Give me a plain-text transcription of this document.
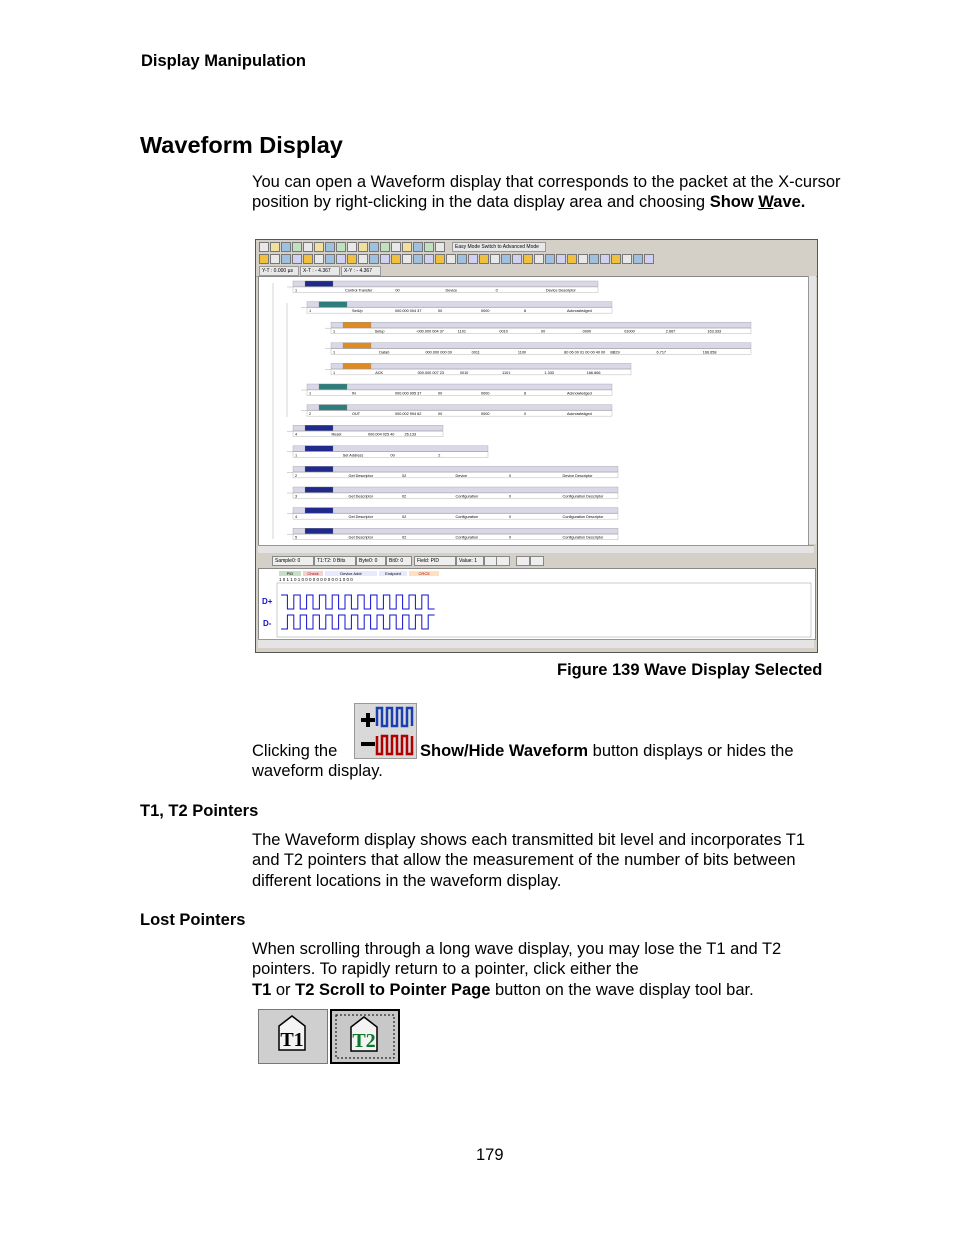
Display Manipulation
Waveform Display
You can open a Waveform display that corresponds to the packet at the X-cursor position by right-clicking in the data display area and choosing Show Wave.
Easy Mode Switch to Advanced Mode
Y-T : 0.000 µs	X-T : - 4.367	X-Y : - 4.367
1	Control Transfer	00	Device	0	Device Descriptor
1	SetUp	000.000 004 37	00	0000	8	Acknowledged
1	Setup	-000.000 004 37	1101	0010	00	0000	01000	2.667	163.333
1	Data0	000.000 000 00	0011	1100	80 06 00 01 00 00 40 00 BB29	6.717	166.658
1	ACK	000.000 007 23	0010	1101	1.333	166.666
1	IN	000.000 995 37	00	0000	8	Acknowledged
2	OUT	000.002 994 62	00	0000	0	Acknowledged
4	Reset	000.004 025 40	26.133
1	Set Address	00	2
2	Get Descriptor	02	Device	0	Device Descriptor
3	Get Descriptor	02	Configuration	0	Configuration Descriptor
4	Get Descriptor	02	Configuration	0	Configuration Descriptor
5	Get Descriptor	02	Configuration	0	Configuration Descriptor
Sample0: 0	T1:T2: 0 Bits	Byte0: 0	Bit0: 0	Field: PID	Value: 1
PID	Check	Device Addr	Endpoint	CRC5
1 0 1 1 0 1 0 0 0 0 0 0 0 0 0 0 1 0 0 0
D+
D-
Figure 139 Wave Display Selected
Clicking the	Show/Hide Waveform button displays or hides the
waveform display.
T1, T2 Pointers
The Waveform display shows each transmitted bit level and incorporates T1 and T2 pointers that allow the measurement of the number of bits between different locations in the waveform display.
Lost Pointers
When scrolling through a long wave display, you may lose the T1 and T2 pointers. To rapidly return to a pointer, click either the
T1 or T2 Scroll to Pointer Page button on the wave display tool bar.
T1 T2
179
